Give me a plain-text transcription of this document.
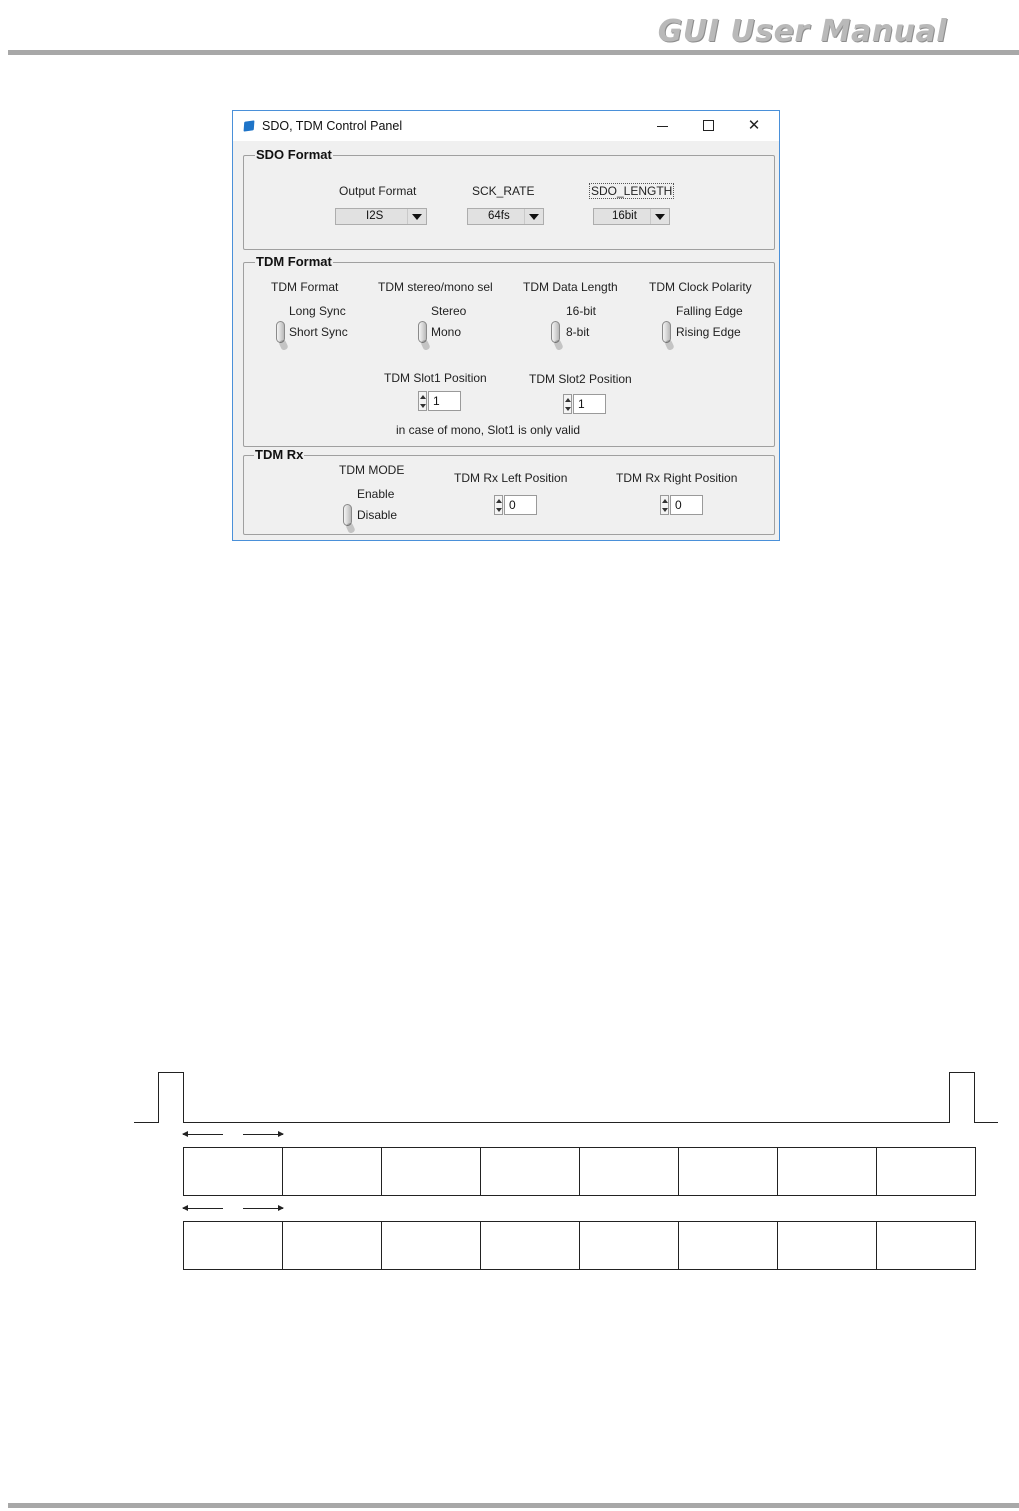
GUI User Manual
SDO, TDM Control Panel	✕
SDO Format
Output Format
I2S
SCK_RATE
64fs
SDO_LENGTH
16bit
TDM Format
TDM Format
Long Sync
Short Sync
TDM stereo/mono sel
Stereo
Mono
TDM Data Length
16-bit
8-bit
TDM Clock Polarity
Falling Edge
Rising Edge
TDM Slot1 Position
1
TDM Slot2 Position
1
in case of mono, Slot1 is only valid
TDM Rx
TDM MODE
Enable
Disable
TDM Rx Left Position
0
TDM Rx Right Position
0
